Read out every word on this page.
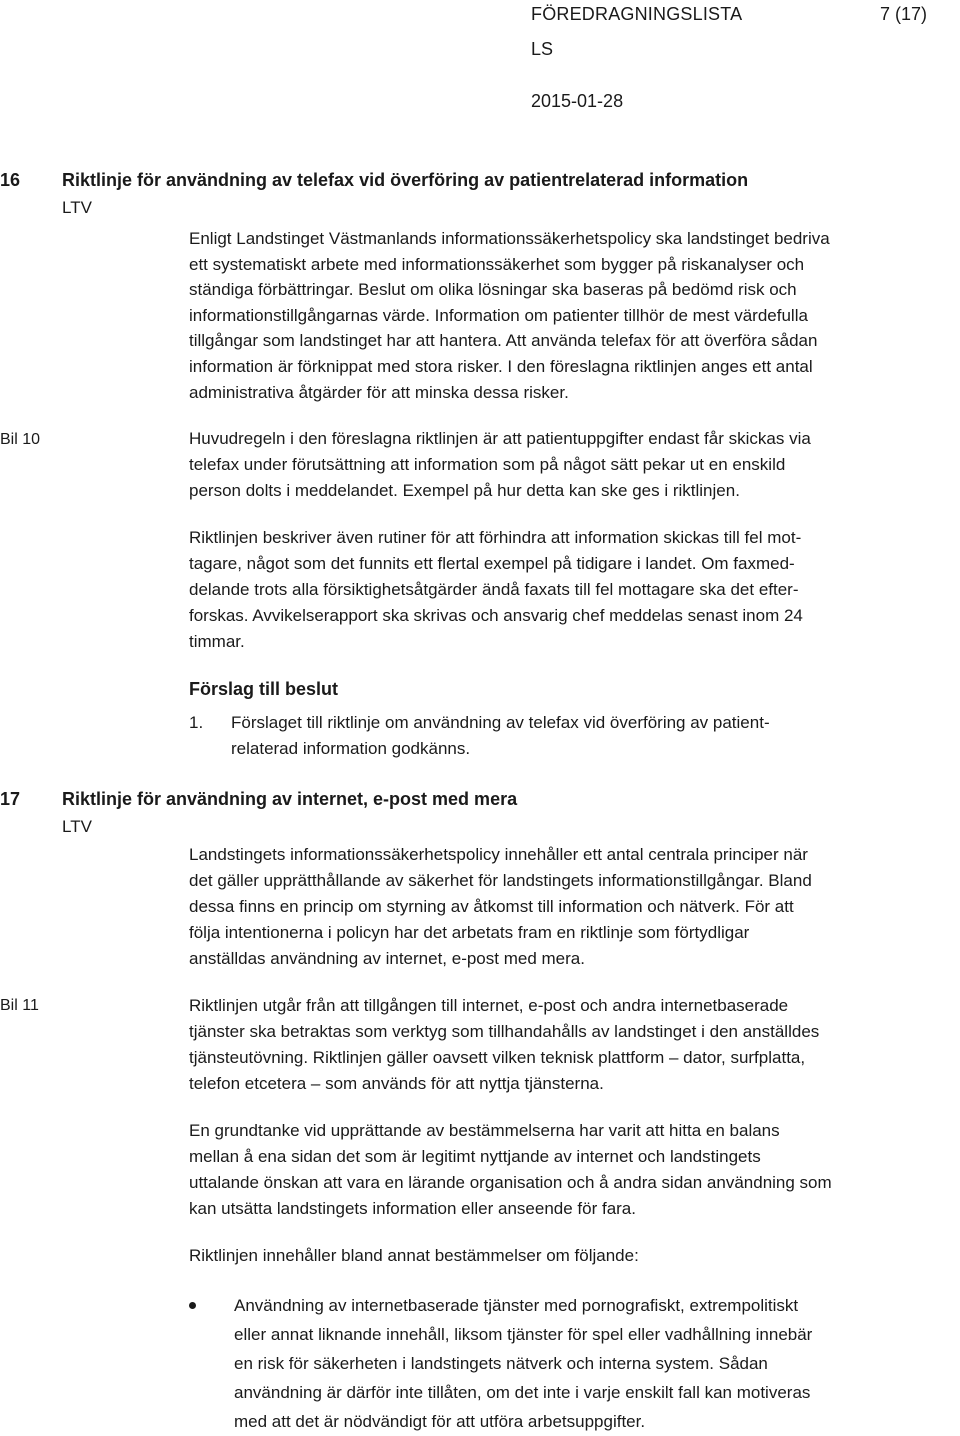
FÖREDRAGNINGSLISTA	7 (17)
LS
2015-01-28
16 Riktlinje för användning av telefax vid överföring av patientrelaterad information
LTV
Enligt Landstinget Västmanlands informationssäkerhetspolicy ska landstinget bedriva
ett systematiskt arbete med informationssäkerhet som bygger på riskanalyser och
ständiga förbättringar. Beslut om olika lösningar ska baseras på bedömd risk och
informationstillgångarnas värde. Information om patienter tillhör de mest värdefulla
tillgångar som landstinget har att hantera. Att använda telefax för att överföra sådan
information är förknippat med stora risker. I den föreslagna riktlinjen anges ett antal
administrativa åtgärder för att minska dessa risker.
Bil 10	Huvudregeln i den föreslagna riktlinjen är att patientuppgifter endast får skickas via
telefax under förutsättning att information som på något sätt pekar ut en enskild
person dolts i meddelandet. Exempel på hur detta kan ske ges i riktlinjen.
Riktlinjen beskriver även rutiner för att förhindra att information skickas till fel mot-
tagare, något som det funnits ett flertal exempel på tidigare i landet. Om faxmed-
delande trots alla försiktighetsåtgärder ändå faxats till fel mottagare ska det efter-
forskas. Avvikelserapport ska skrivas och ansvarig chef meddelas senast inom 24
timmar.
Förslag till beslut
1. Förslaget till riktlinje om användning av telefax vid överföring av patient-
relaterad information godkänns.
17 Riktlinje för användning av internet, e-post med mera
LTV
Landstingets informationssäkerhetspolicy innehåller ett antal centrala principer när
det gäller upprätthållande av säkerhet för landstingets informationstillgångar. Bland
dessa finns en princip om styrning av åtkomst till information och nätverk. För att
följa intentionerna i policyn har det arbetats fram en riktlinje som förtydligar
anställdas användning av internet, e-post med mera.
Bil 11	Riktlinjen utgår från att tillgången till internet, e-post och andra internetbaserade
tjänster ska betraktas som verktyg som tillhandahålls av landstinget i den anställdes
tjänsteutövning. Riktlinjen gäller oavsett vilken teknisk plattform – dator, surfplatta,
telefon etcetera – som används för att nyttja tjänsterna.
En grundtanke vid upprättande av bestämmelserna har varit att hitta en balans
mellan å ena sidan det som är legitimt nyttjande av internet och landstingets
uttalande önskan att vara en lärande organisation och å andra sidan användning som
kan utsätta landstingets information eller anseende för fara.
Riktlinjen innehåller bland annat bestämmelser om följande:
Användning av internetbaserade tjänster med pornografiskt, extrempolitiskt
eller annat liknande innehåll, liksom tjänster för spel eller vadhållning innebär
en risk för säkerheten i landstingets nätverk och interna system. Sådan
användning är därför inte tillåten, om det inte i varje enskilt fall kan motiveras
med att det är nödvändigt för att utföra arbetsuppgifter.
